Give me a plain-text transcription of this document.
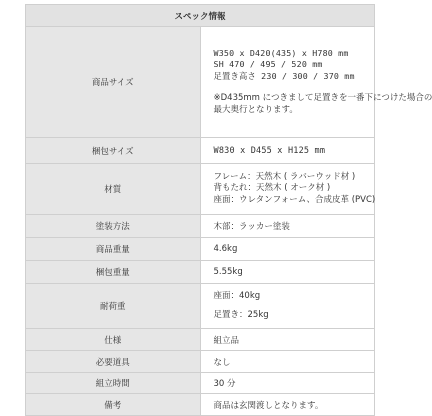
スペック情報	
商品サイズ	W350 x D420(435) x H780 mm
SH 470 / 495 / 520 mm
足置き高さ 230 / 300 / 370 mm
※D435mm につきまして足置きを一番下につけた場合の
最大奥行となります。

梱包サイズ	W830 x D455 x H125 mm
材質	フレーム：天然木 ( ラバーウッド材 )
背もたれ：天然木 ( オーク材 )
座面：ウレタンフォーム、合成皮革 (PVC)

塗装方法	木部：ラッカー塗装
商品重量	4.6kg
梱包重量	5.55kg
耐荷重	座面：40kg
足置き：25kg

仕様	組立品
必要道具	なし
組立時間	30 分
備考	商品は玄関渡しとなります。
